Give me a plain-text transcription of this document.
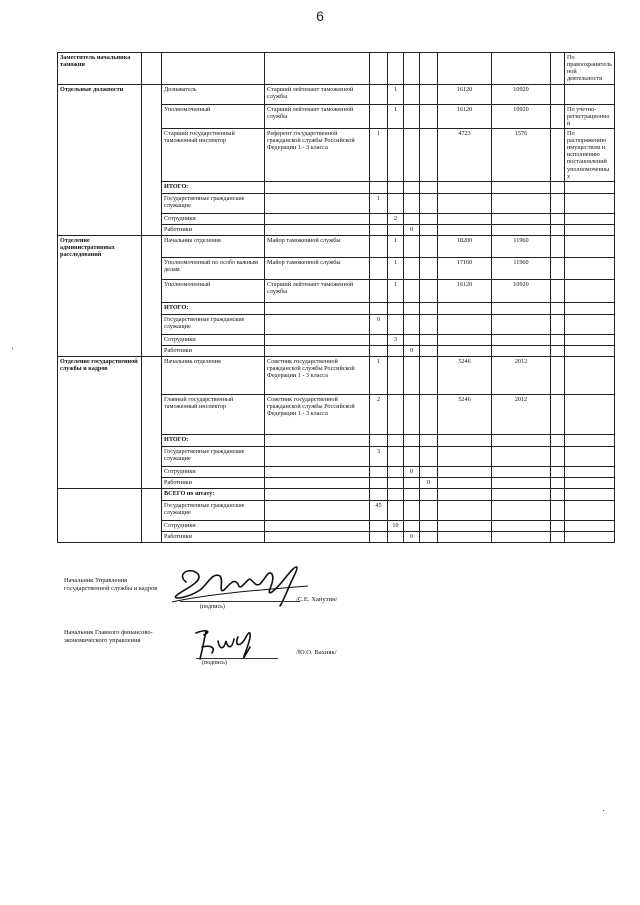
6
Заместитель начальника таможни											По правоохранительной деятельности
Отдельные должности		Дознаватель	Старший лейтенант таможенной службы		1			16120	10920		
		Уполномоченный	Старший лейтенант таможенной службы		1			16120	10920		По учетно-регистрационной
		Старший государственный таможенный инспектор	Референт государственной гражданской службы Российской Федерации 1 - 3 класса	1				4723	1576		По распоряжению имуществом и исполнению постановлений уполномоченных
		ИТОГО:									
		Государственные гражданские служащие		1							
		Сотрудники			2						
		Работники				0					
Отделение административных расследований		Начальник отделения	Майор таможенной службы		1			18200	11960		
		Уполномоченный по особо важным делам	Майор таможенной службы		1			17160	11960		
		Уполномоченный	Старший лейтенант таможенной службы		1			16120	10920		
		ИТОГО:									
		Государственные гражданские служащие		0							
		Сотрудники			3						
		Работники				0					
Отделение государственной службы и кадров		Начальник отделения	Советник государственной гражданской службы Российской Федерации 1 - 3 класса	1				5246	2012		
		Главный государственный таможенный инспектор	Советник государственной гражданской службы Российской Федерации 1 - 3 класса	2				5246	2012		
		ИТОГО:									
		Государственные гражданские служащие		3							
		Сотрудники				0					
		Работники					0				
		ВСЕГО по штату:									
		Государственные гражданские служащие		45							
		Сотрудники			10						
		Работники				0					
Начальник Управления государственной службы и кадров
(подпись)
/С.Е. Ханутин/
Начальник Главного финансово-экономического управления
(подпись)
/Ю.О. Вахняк/
